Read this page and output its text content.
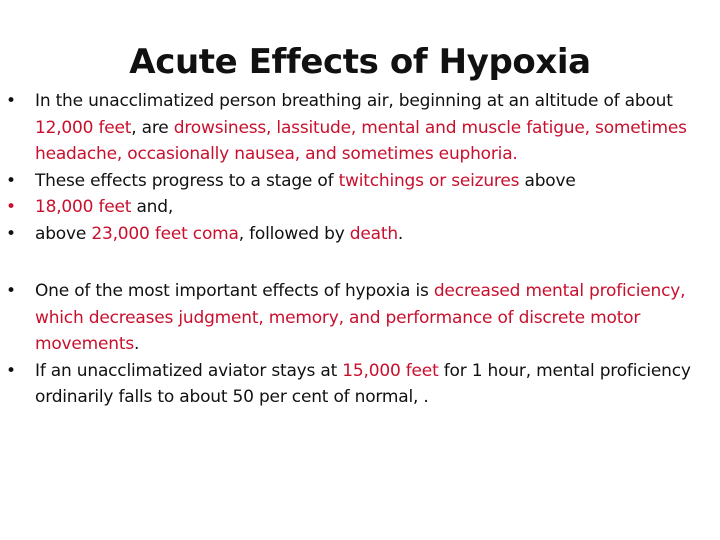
Acute Effects of Hypoxia
• In the unacclimatized person breathing air, beginning at an altitude of about 12,000 feet, are drowsiness, lassitude, mental and muscle fatigue, sometimes headache, occasionally nausea, and sometimes euphoria.
• These effects progress to a stage of twitchings or seizures above
• 18,000 feet and,
• above 23,000 feet coma, followed by death.
• One of the most important effects of hypoxia is decreased mental proficiency, which decreases judgment, memory, and performance of discrete motor movements.
• If an unacclimatized aviator stays at 15,000 feet for 1 hour, mental proficiency ordinarily falls to about 50 per cent of normal, .
